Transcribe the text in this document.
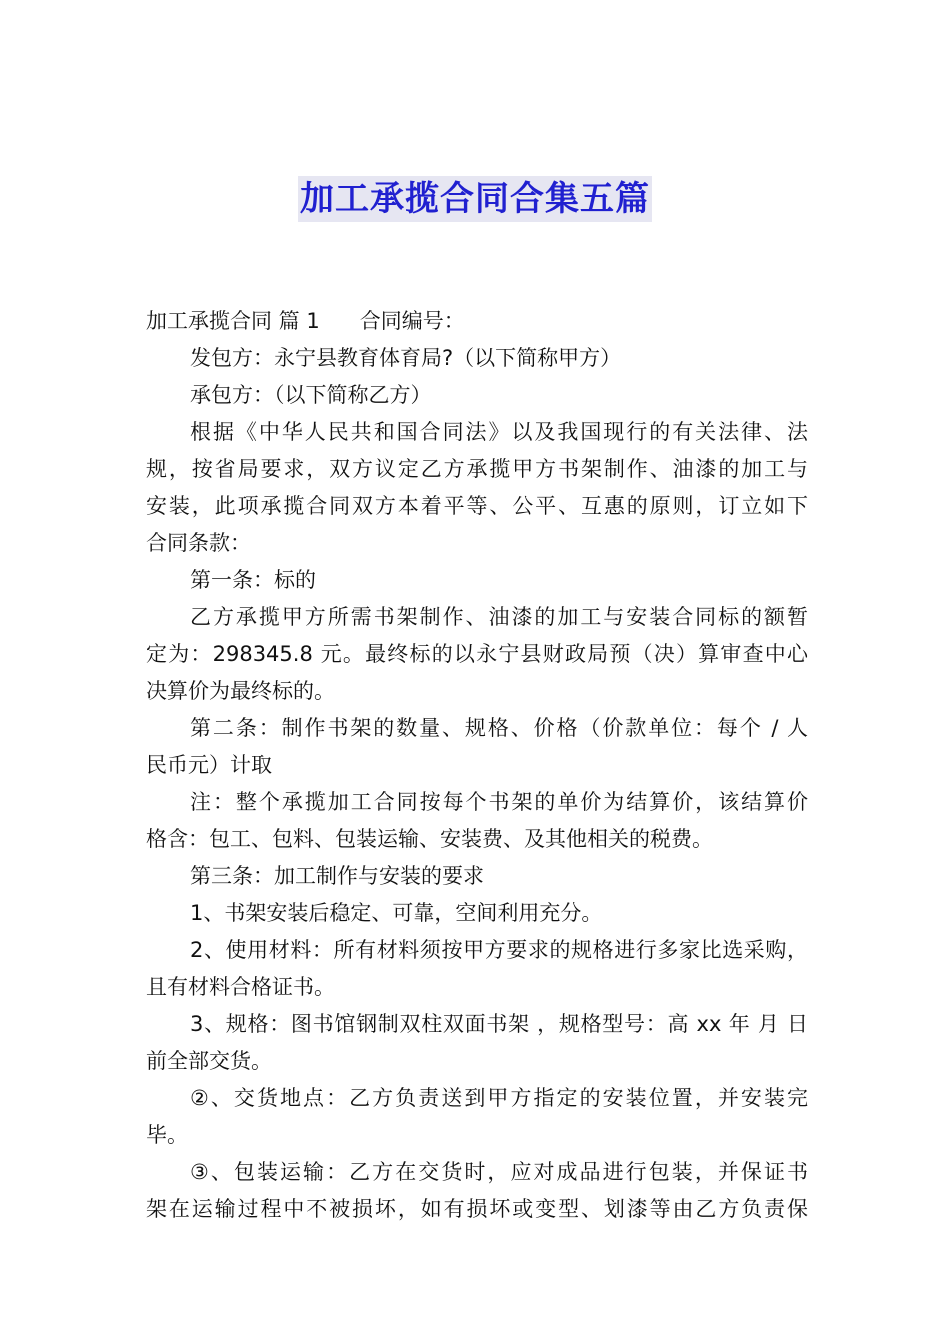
加工承揽合同合集五篇
加工承揽合同 篇 1 合同编号：
发包方：永宁县教育体育局?（以下简称甲方）
承包方：（以下简称乙方）
根据《中华人民共和国合同法》以及我国现行的有关法律、法
规，按省局要求，双方议定乙方承揽甲方书架制作、油漆的加工与
安装，此项承揽合同双方本着平等、公平、互惠的原则，订立如下
合同条款：
第一条：标的
乙方承揽甲方所需书架制作、油漆的加工与安装合同标的额暂
定为：298345.8 元。最终标的以永宁县财政局预（决）算审查中心
决算价为最终标的。
第二条：制作书架的数量、规格、价格（价款单位：每个 / 人
民币元）计取
注：整个承揽加工合同按每个书架的单价为结算价，该结算价
格含：包工、包料、包装运输、安装费、及其他相关的税费。
第三条：加工制作与安装的要求
1、书架安装后稳定、可靠，空间利用充分。
2、使用材料：所有材料须按甲方要求的规格进行多家比选采购，
且有材料合格证书。
3、规格：图书馆钢制双柱双面书架 ，规格型号：高 xx 年 月 日
前全部交货。
②、交货地点：乙方负责送到甲方指定的安装位置，并安装完
毕。
③、包装运输：乙方在交货时，应对成品进行包装，并保证书
架在运输过程中不被损坏，如有损坏或变型、划漆等由乙方负责保
